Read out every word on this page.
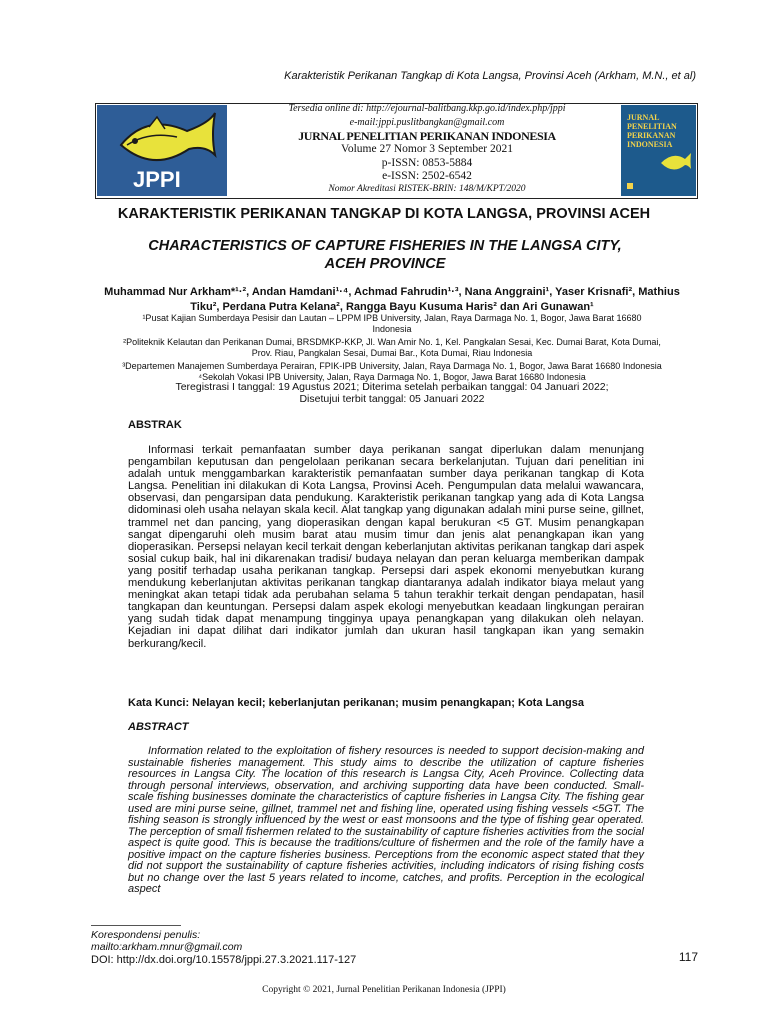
Karakteristik Perikanan Tangkap di Kota Langsa, Provinsi Aceh (Arkham, M.N., et al)
JPPI
JURNAL
PENELITIAN
PERIKANAN
INDONESIA
Tersedia online di: http://ejournal-balitbang.kkp.go.id/index.php/jppi
e-mail:jppi.puslitbangkan@gmail.com
JURNAL PENELITIAN PERIKANAN INDONESIA
Volume 27 Nomor 3 September 2021
p-ISSN: 0853-5884
e-ISSN: 2502-6542
Nomor Akreditasi RISTEK-BRIN: 148/M/KPT/2020
KARAKTERISTIK PERIKANAN TANGKAP DI KOTA LANGSA, PROVINSI ACEH
CHARACTERISTICS OF CAPTURE FISHERIES IN THE LANGSA CITY,
ACEH PROVINCE
Muhammad Nur Arkham*¹·², Andan Hamdani¹·⁴, Achmad Fahrudin¹·³, Nana Anggraini¹, Yaser Krisnafi², Mathius
Tiku², Perdana Putra Kelana², Rangga Bayu Kusuma Haris² dan Ari Gunawan¹
¹Pusat Kajian Sumberdaya Pesisir dan Lautan – LPPM IPB University, Jalan, Raya Darmaga No. 1, Bogor, Jawa Barat 16680
Indonesia
²Politeknik Kelautan dan Perikanan Dumai, BRSDMKP-KKP, Jl. Wan Amir No. 1, Kel. Pangkalan Sesai, Kec. Dumai Barat, Kota Dumai,
Prov. Riau, Pangkalan Sesai, Dumai Bar., Kota Dumai, Riau Indonesia
³Departemen Manajemen Sumberdaya Perairan, FPIK-IPB University, Jalan, Raya Darmaga No. 1, Bogor, Jawa Barat 16680 Indonesia
⁴Sekolah Vokasi IPB University, Jalan, Raya Darmaga No. 1, Bogor, Jawa Barat 16680 Indonesia
Teregistrasi I tanggal: 19 Agustus 2021; Diterima setelah perbaikan tanggal: 04 Januari 2022;
Disetujui terbit tanggal: 05 Januari 2022
ABSTRAK

Informasi terkait pemanfaatan sumber daya perikanan sangat diperlukan dalam menunjang pengambilan keputusan dan pengelolaan perikanan secara berkelanjutan. Tujuan dari penelitian ini adalah untuk menggambarkan karakteristik pemanfaatan sumber daya perikanan tangkap di Kota Langsa. Penelitian ini dilakukan di Kota Langsa, Provinsi Aceh. Pengumpulan data melalui wawancara, observasi, dan pengarsipan data pendukung. Karakteristik perikanan tangkap yang ada di Kota Langsa didominasi oleh usaha nelayan skala kecil. Alat tangkap yang digunakan adalah mini purse seine, gillnet, trammel net dan pancing, yang dioperasikan dengan kapal berukuran <5 GT. Musim penangkapan sangat dipengaruhi oleh musim barat atau musim timur dan jenis alat penangkapan ikan yang dioperasikan. Persepsi nelayan kecil terkait dengan keberlanjutan aktivitas perikanan tangkap dari aspek sosial cukup baik, hal ini dikarenakan tradisi/ budaya nelayan dan peran keluarga memberikan dampak yang positif terhadap usaha perikanan tangkap. Persepsi dari aspek ekonomi menyebutkan kurang mendukung keberlanjutan aktivitas perikanan tangkap diantaranya adalah indikator biaya melaut yang meningkat akan tetapi tidak ada perubahan selama 5 tahun terakhir terkait dengan pendapatan, hasil tangkapan dan keuntungan. Persepsi dalam aspek ekologi menyebutkan keadaan lingkungan perairan yang sudah tidak dapat menampung tingginya upaya penangkapan yang dilakukan oleh nelayan. Kejadian ini dapat dilihat dari indikator jumlah dan ukuran hasil tangkapan ikan yang semakin berkurang/kecil.

Kata Kunci: Nelayan kecil; keberlanjutan perikanan; musim penangkapan; Kota Langsa
ABSTRACT

Information related to the exploitation of fishery resources is needed to support decision-making and sustainable fisheries management. This study aims to describe the utilization of capture fisheries resources in Langsa City. The location of this research is Langsa City, Aceh Province. Collecting data through personal interviews, observation, and archiving supporting data have been conducted. Small-scale fishing businesses dominate the characteristics of capture fisheries in Langsa City. The fishing gear used are mini purse seine, gillnet, trammel net and fishing line, operated using fishing vessels <5GT. The fishing season is strongly influenced by the west or east monsoons and the type of fishing gear operated. The perception of small fishermen related to the sustainability of capture fisheries activities from the social aspect is quite good. This is because the traditions/culture of fishermen and the role of the family have a positive impact on the capture fisheries business. Perceptions from the economic aspect stated that they did not support the sustainability of capture fisheries activities, including indicators of rising fishing costs but no change over the last 5 years related to income, catches, and profits. Perception in the ecological aspect

Korespondensi penulis:
mailto:arkham.mnur@gmail.com
DOI: http://dx.doi.org/10.15578/jppi.27.3.2021.117-127	117
Copyright © 2021, Jurnal Penelitian Perikanan Indonesia (JPPI)
